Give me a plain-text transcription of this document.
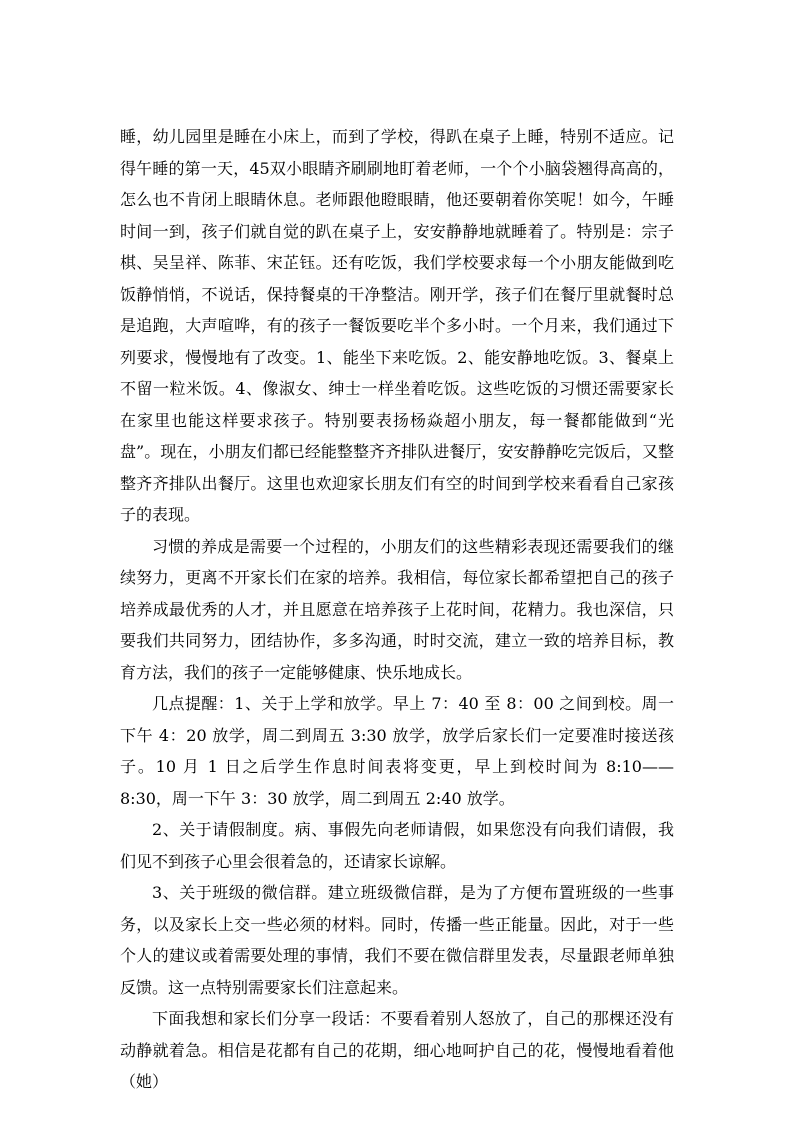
睡，幼儿园里是睡在小床上，而到了学校，得趴在桌子上睡，特别不适应。记得午睡的第一天，45双小眼睛齐刷刷地盯着老师，一个个小脑袋翘得高高的，怎么也不肯闭上眼睛休息。老师跟他瞪眼睛，他还要朝着你笑呢！如今，午睡时间一到，孩子们就自觉的趴在桌子上，安安静静地就睡着了。特别是：宗子棋、吴呈祥、陈菲、宋芷钰。还有吃饭，我们学校要求每一个小朋友能做到吃饭静悄悄，不说话，保持餐桌的干净整洁。刚开学，孩子们在餐厅里就餐时总是追跑，大声喧哗，有的孩子一餐饭要吃半个多小时。一个月来，我们通过下列要求，慢慢地有了改变。1、能坐下来吃饭。2、能安静地吃饭。3、餐桌上不留一粒米饭。4、像淑女、绅士一样坐着吃饭。这些吃饭的习惯还需要家长在家里也能这样要求孩子。特别要表扬杨焱超小朋友，每一餐都能做到“光盘”。现在，小朋友们都已经能整整齐齐排队进餐厅，安安静静吃完饭后，又整整齐齐排队出餐厅。这里也欢迎家长朋友们有空的时间到学校来看看自己家孩子的表现。

习惯的养成是需要一个过程的，小朋友们的这些精彩表现还需要我们的继续努力，更离不开家长们在家的培养。我相信，每位家长都希望把自己的孩子培养成最优秀的人才，并且愿意在培养孩子上花时间，花精力。我也深信，只要我们共同努力，团结协作，多多沟通，时时交流，建立一致的培养目标，教育方法，我们的孩子一定能够健康、快乐地成长。

几点提醒：1、关于上学和放学。早上 7：40 至 8：00 之间到校。周一下午 4：20 放学，周二到周五 3:30 放学，放学后家长们一定要准时接送孩子。10 月 1 日之后学生作息时间表将变更，早上到校时间为 8:10——8:30，周一下午 3：30 放学，周二到周五 2:40 放学。

2、关于请假制度。病、事假先向老师请假，如果您没有向我们请假，我们见不到孩子心里会很着急的，还请家长谅解。

3、关于班级的微信群。建立班级微信群，是为了方便布置班级的一些事务，以及家长上交一些必须的材料。同时，传播一些正能量。因此，对于一些个人的建议或着需要处理的事情，我们不要在微信群里发表，尽量跟老师单独反馈。这一点特别需要家长们注意起来。

下面我想和家长们分享一段话：不要看着别人怒放了，自己的那棵还没有动静就着急。相信是花都有自己的花期，细心地呵护自己的花，慢慢地看着他（她）
